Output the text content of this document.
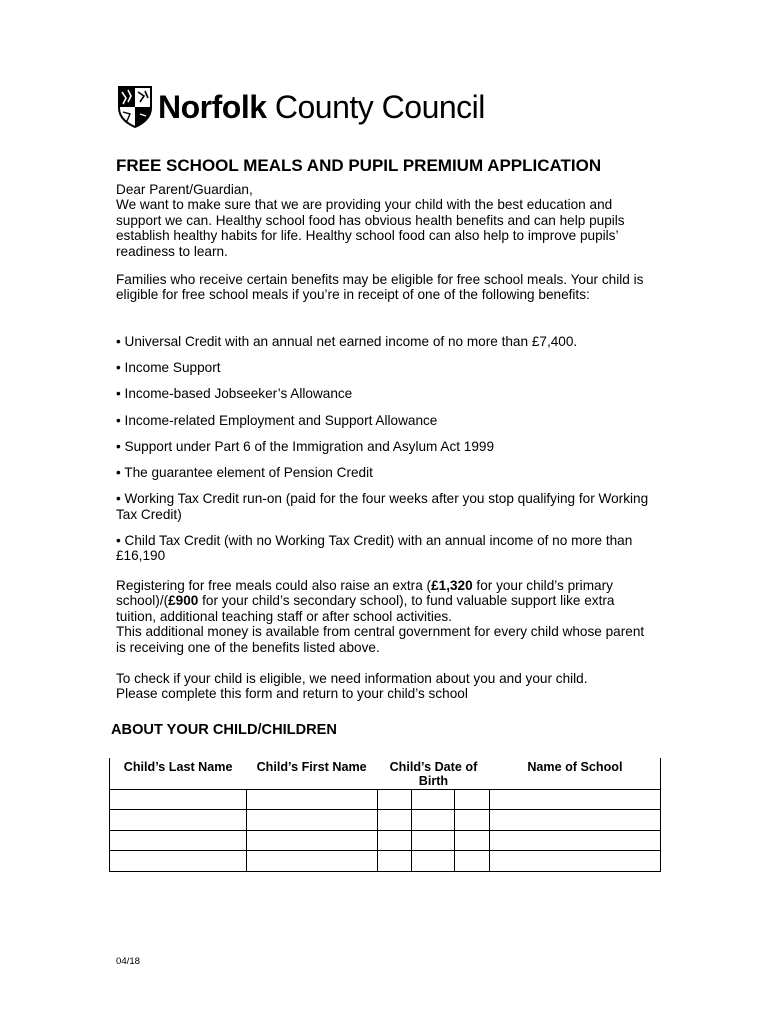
Norfolk County Council
FREE SCHOOL MEALS AND PUPIL PREMIUM APPLICATION

Dear Parent/Guardian,

We want to make sure that we are providing your child with the best education and support we can. Healthy school food has obvious health benefits and can help pupils establish healthy habits for life. Healthy school food can also help to improve pupils’ readiness to learn.

Families who receive certain benefits may be eligible for free school meals. Your child is eligible for free school meals if you’re in receipt of one of the following benefits:

• Universal Credit with an annual net earned income of no more than £7,400.

• Income Support

• Income-based Jobseeker’s Allowance

• Income-related Employment and Support Allowance

• Support under Part 6 of the Immigration and Asylum Act 1999

• The guarantee element of Pension Credit

• Working Tax Credit run-on (paid for the four weeks after you stop qualifying for Working Tax Credit)

• Child Tax Credit (with no Working Tax Credit) with an annual income of no more than £16,190

Registering for free meals could also raise an extra (£1,320 for your child’s primary school)/(£900 for your child’s secondary school), to fund valuable support like extra tuition, additional teaching staff or after school activities.

This additional money is available from central government for every child whose parent is receiving one of the benefits listed above.

To check if your child is eligible, we need information about you and your child.

Please complete this form and return to your child’s school

ABOUT YOUR CHILD/CHILDREN
Child’s Last Name	Child’s First Name	Child’s Date of Birth			Name of School

04/18
